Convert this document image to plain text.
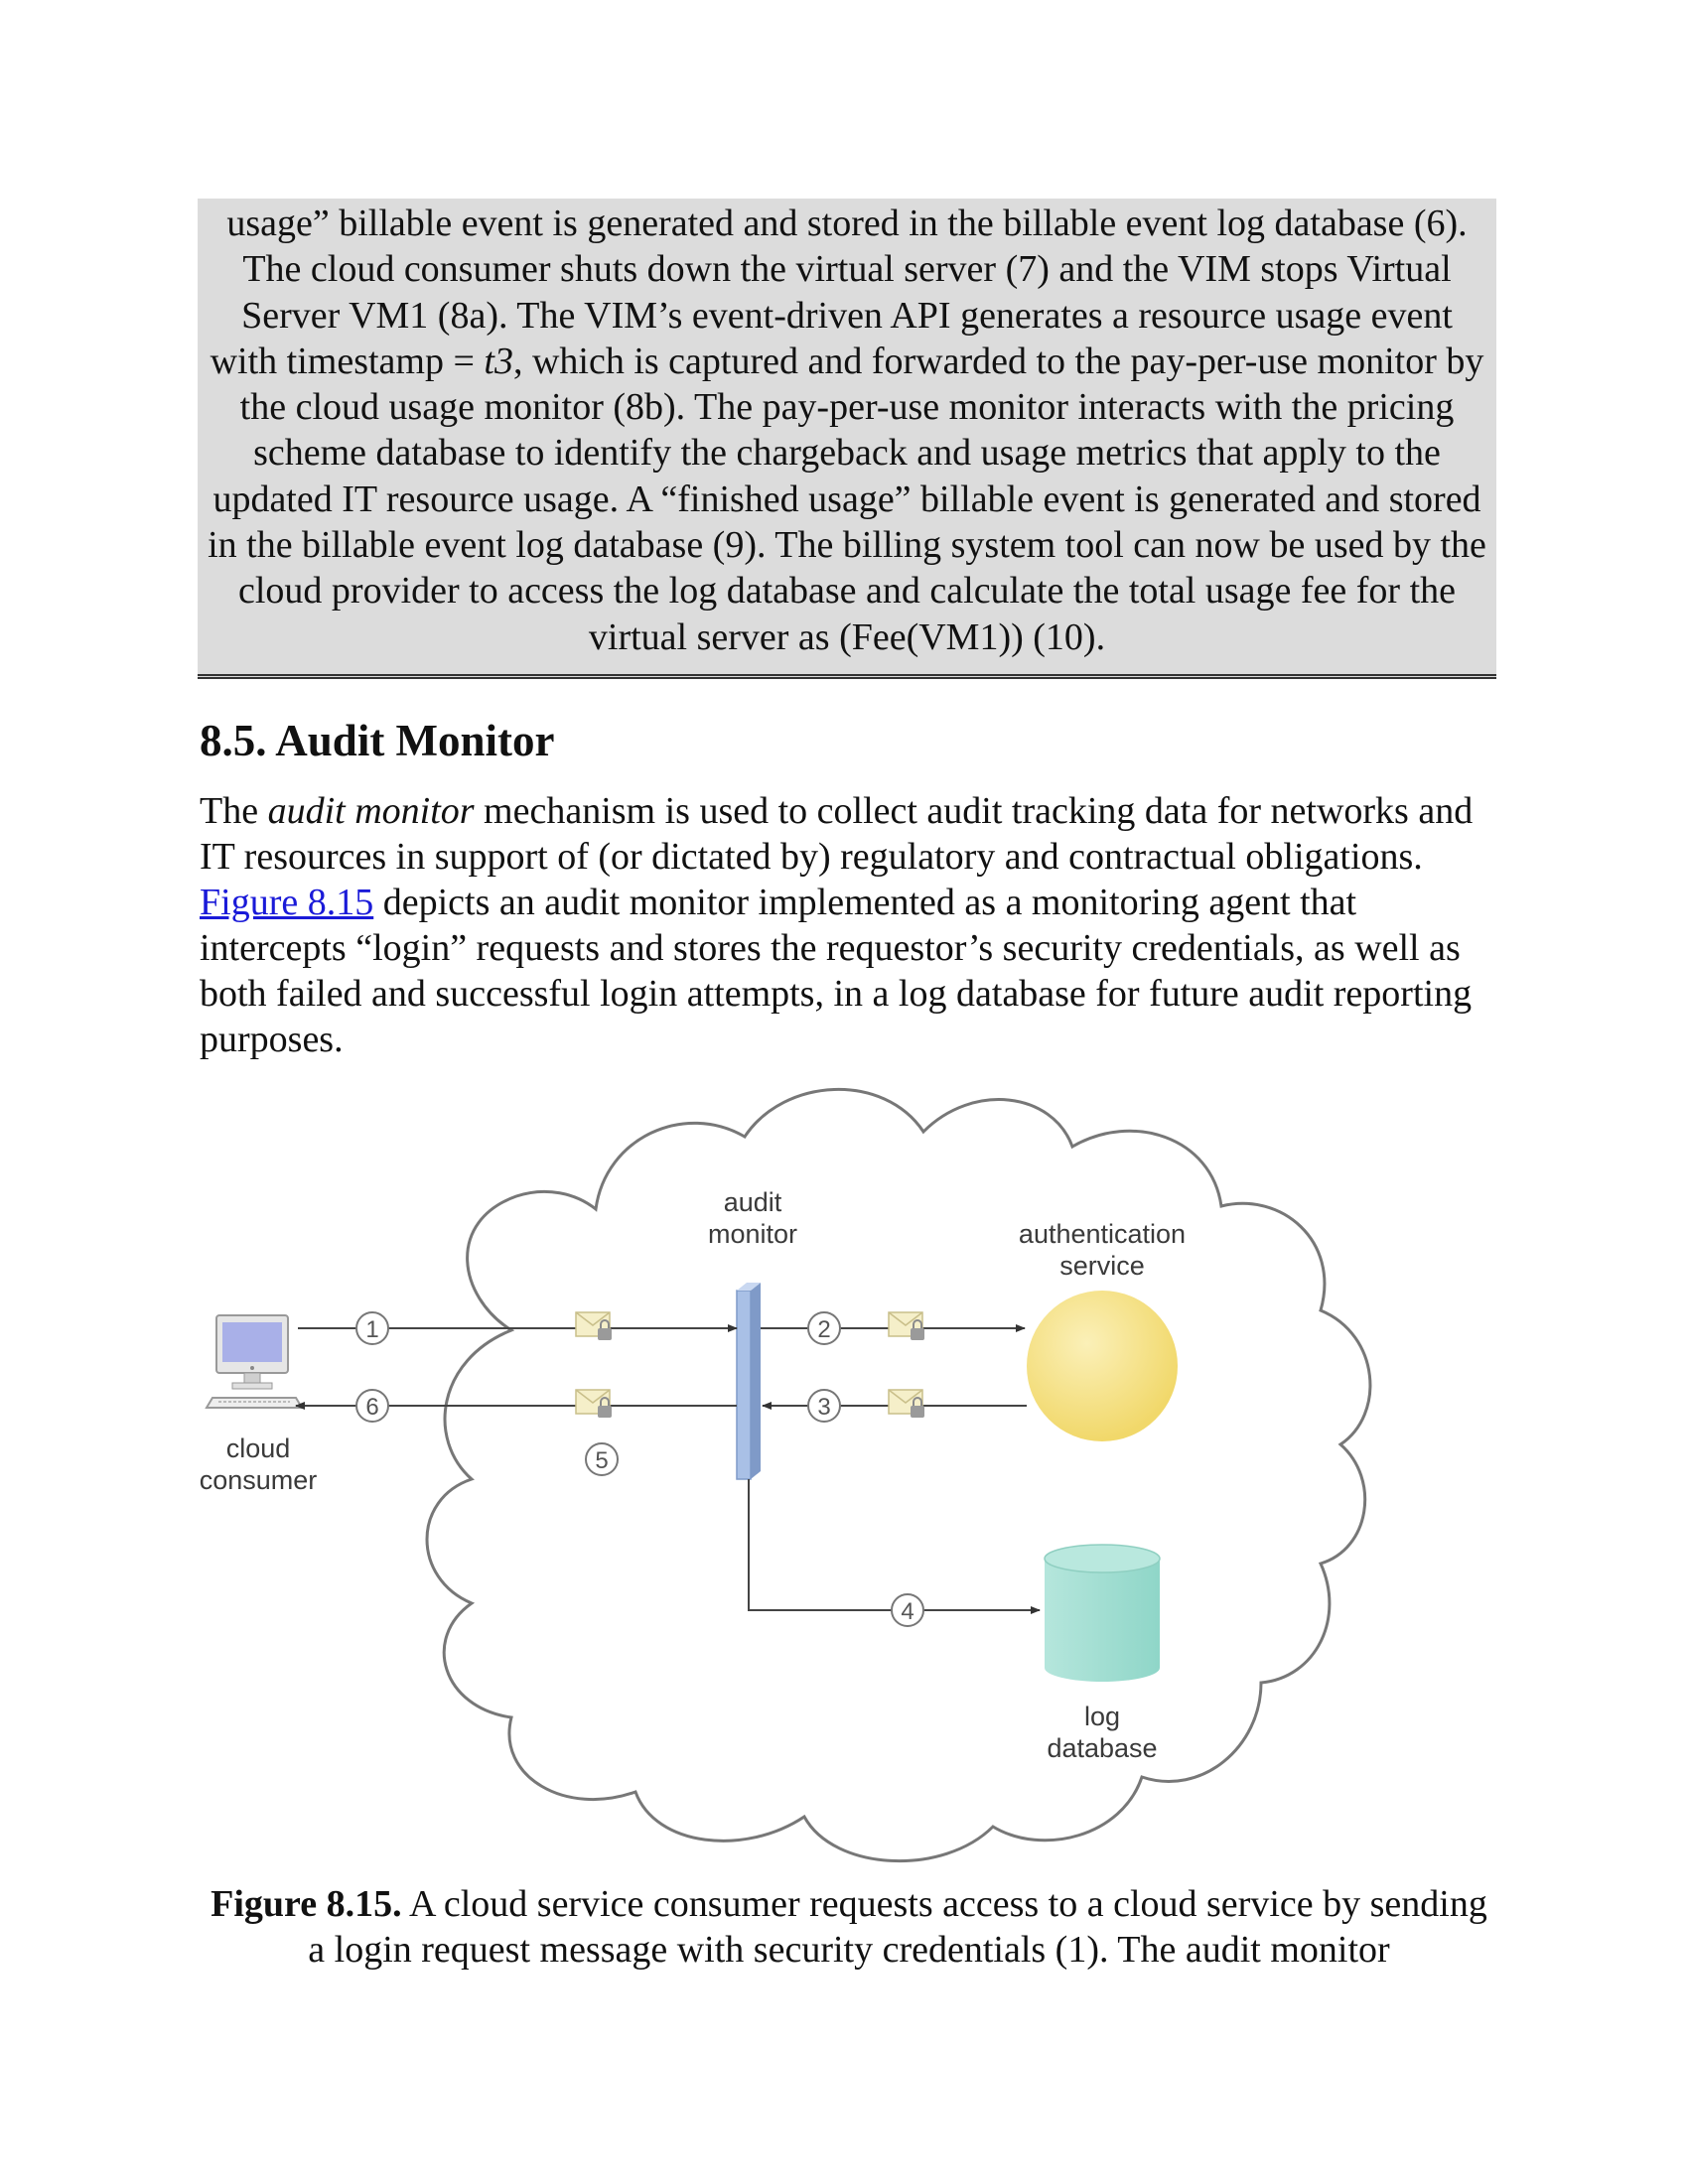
usage” billable event is generated and stored in the billable event log database (6). The cloud consumer shuts down the virtual server (7) and the VIM stops Virtual Server VM1 (8a). The VIM’s event-driven API generates a resource usage event with timestamp = t3, which is captured and forwarded to the pay-per-use monitor by the cloud usage monitor (8b). The pay-per-use monitor interacts with the pricing scheme database to identify the chargeback and usage metrics that apply to the updated IT resource usage. A “finished usage” billable event is generated and stored in the billable event log database (9). The billing system tool can now be used by the cloud provider to access the log database and calculate the total usage fee for the virtual server as (Fee(VM1)) (10).

8.5. Audit Monitor

The audit monitor mechanism is used to collect audit tracking data for networks and IT resources in support of (or dictated by) regulatory and contractual obligations. Figure 8.15 depicts an audit monitor implemented as a monitoring agent that intercepts “login” requests and stores the requestor’s security credentials, as well as both failed and successful login attempts, in a log database for future audit reporting purposes.

cloud
consumer
audit
monitor	authentication
service
log
database
1	2
3
4
5
6

Figure 8.15. A cloud service consumer requests access to a cloud service by sending a login request message with security credentials (1). The audit monitor
